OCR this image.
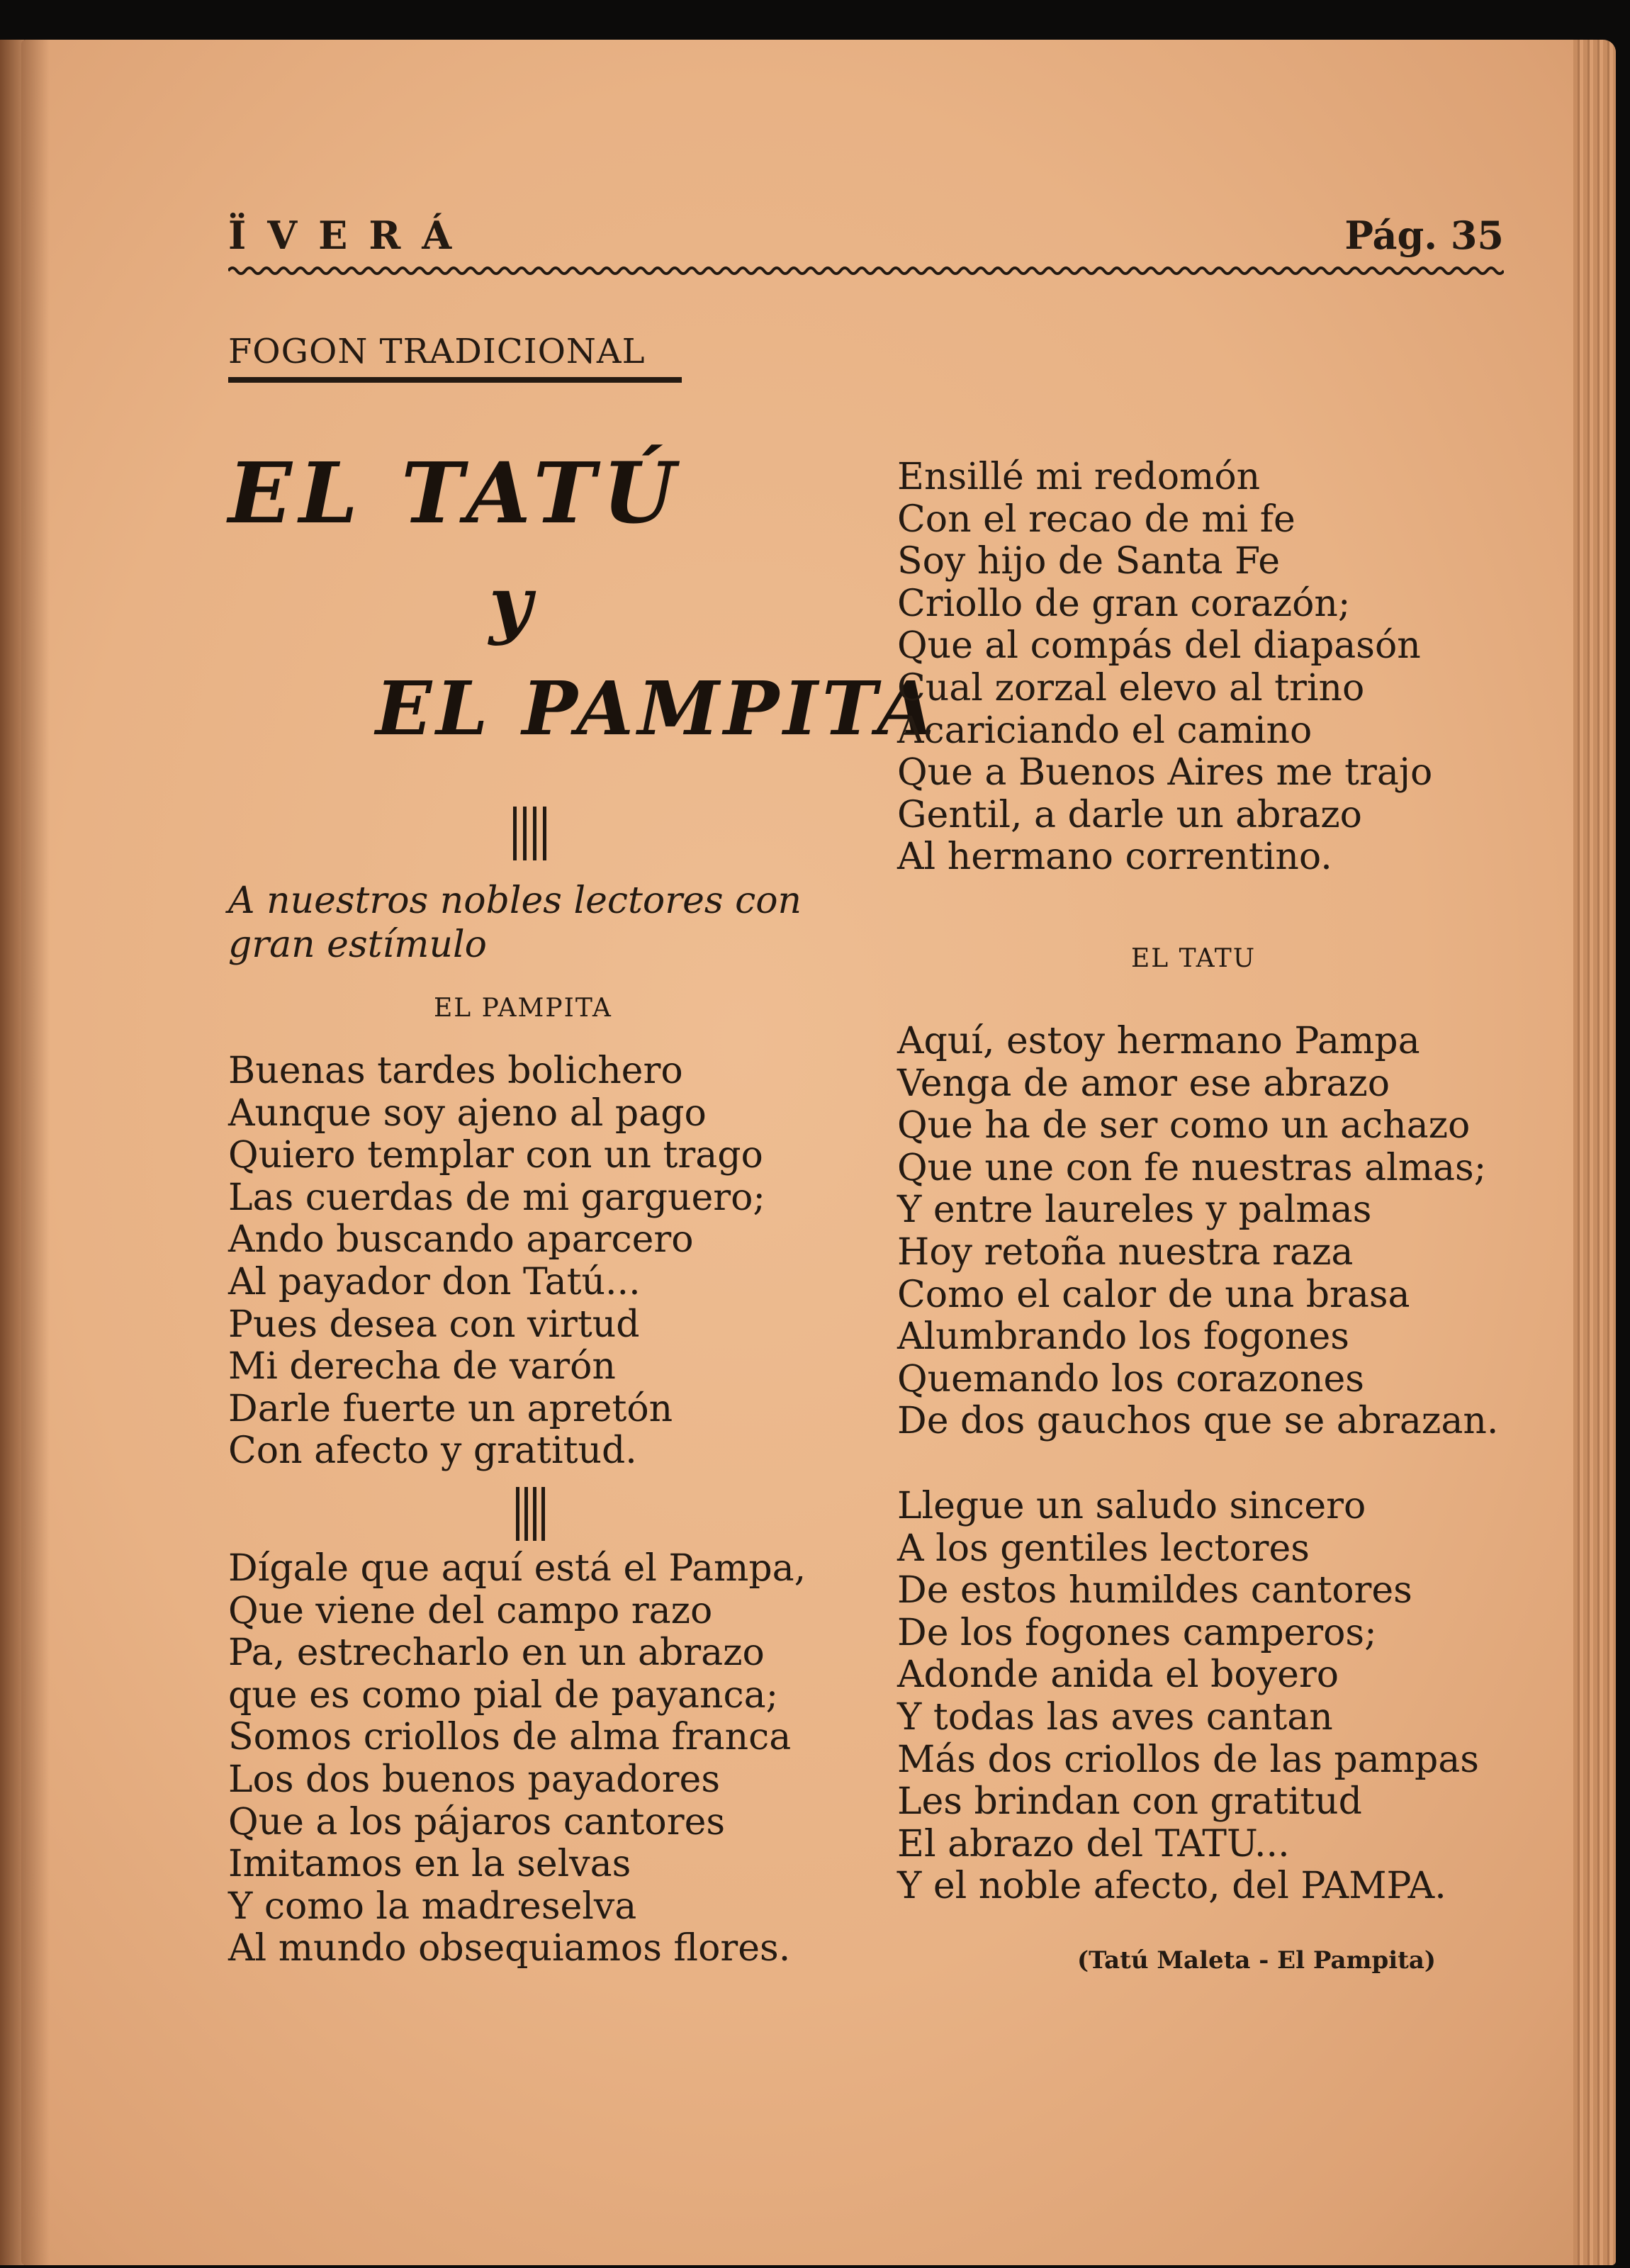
ÏVERÁ	Pág. 35
FOGON TRADICIONAL
EL TATÚ
y
EL PAMPITA
A nuestros nobles lectores con gran estímulo
EL PAMPITA
Buenas tardes bolichero
Aunque soy ajeno al pago
Quiero templar con un trago
Las cuerdas de mi garguero;
Ando buscando aparcero
Al payador don Tatú...
Pues desea con virtud
Mi derecha de varón
Darle fuerte un apretón
Con afecto y gratitud.
Dígale que aquí está el Pampa,
Que viene del campo razo
Pa, estrecharlo en un abrazo
que es como pial de payanca;
Somos criollos de alma franca
Los dos buenos payadores
Que a los pájaros cantores
Imitamos en la selvas
Y como la madreselva
Al mundo obsequiamos flores.
Ensillé mi redomón
Con el recao de mi fe
Soy hijo de Santa Fe
Criollo de gran corazón;
Que al compás del diapasón
Cual zorzal elevo al trino
Acariciando el camino
Que a Buenos Aires me trajo
Gentil, a darle un abrazo
Al hermano correntino.
EL TATU
Aquí, estoy hermano Pampa
Venga de amor ese abrazo
Que ha de ser como un achazo
Que une con fe nuestras almas;
Y entre laureles y palmas
Hoy retoña nuestra raza
Como el calor de una brasa
Alumbrando los fogones
Quemando los corazones
De dos gauchos que se abrazan.
Llegue un saludo sincero
A los gentiles lectores
De estos humildes cantores
De los fogones camperos;
Adonde anida el boyero
Y todas las aves cantan
Más dos criollos de las pampas
Les brindan con gratitud
El abrazo del TATU...
Y el noble afecto, del PAMPA.
(Tatú Maleta - El Pampita)
